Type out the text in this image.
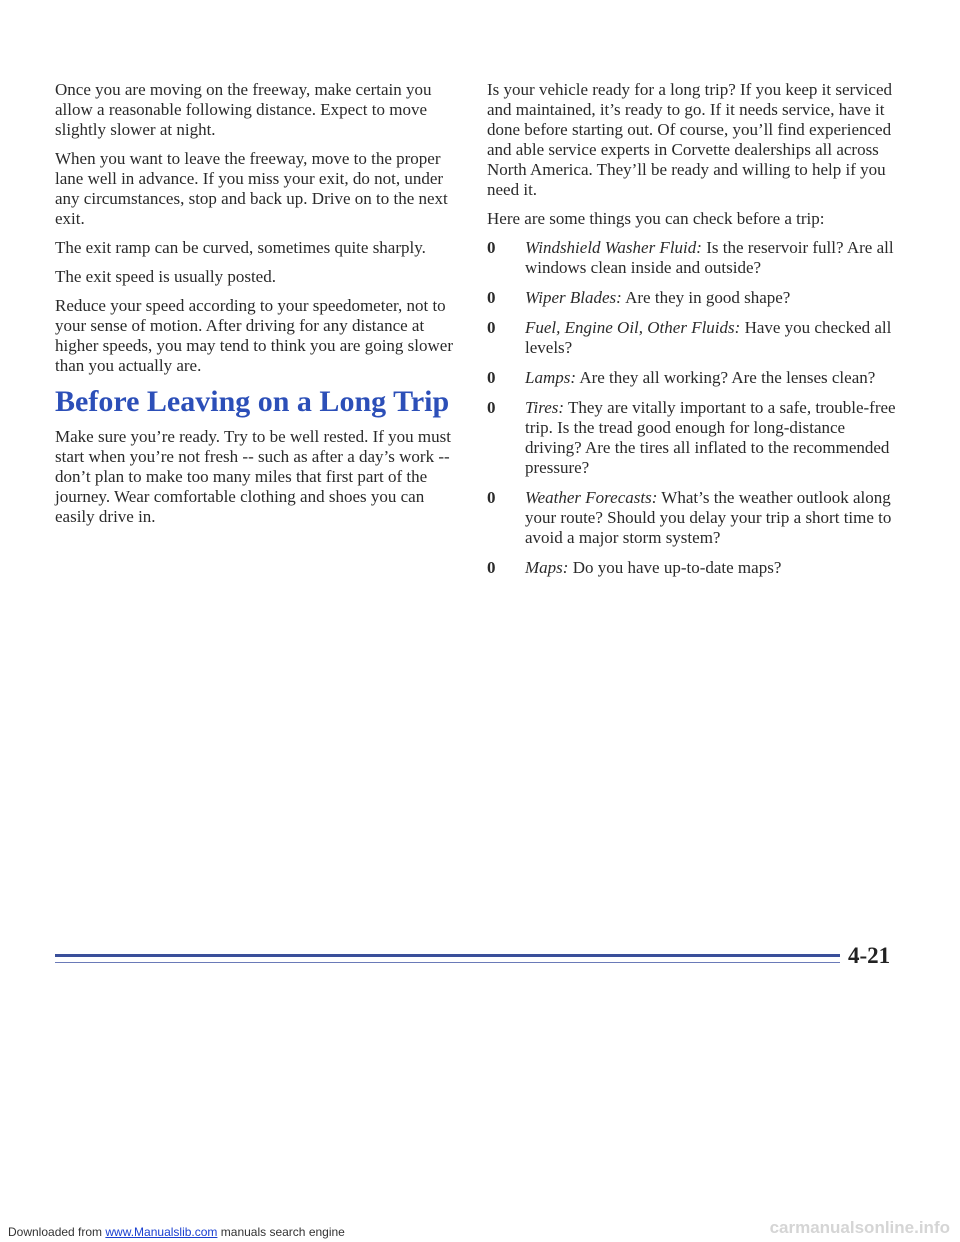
Once you are moving on the freeway, make certain you allow a reasonable following distance. Expect to move slightly slower at night.

When you want to leave the freeway, move to the proper lane well in advance. If you miss your exit, do not, under any circumstances, stop and back up. Drive on to the next exit.

The exit ramp can be curved, sometimes quite sharply.

The exit speed is usually posted.

Reduce your speed according to your speedometer, not to your sense of motion. After driving for any distance at higher speeds, you may tend to think you are going slower than you actually are.

Before Leaving on a Long Trip

Make sure you’re ready. Try to be well rested. If you must start when you’re not fresh -- such as after a day’s work -- don’t plan to make too many miles that first part of the journey. Wear comfortable clothing and shoes you can easily drive in.

Is your vehicle ready for a long trip? If you keep it serviced and maintained, it’s ready to go. If it needs service, have it done before starting out. Of course, you’ll find experienced and able service experts in Corvette dealerships all across North America. They’ll be ready and willing to help if you need it.

Here are some things you can check before a trip:

0	Windshield Washer Fluid: Is the reservoir full? Are all windows clean inside and outside?
0	Wiper Blades: Are they in good shape?
0	Fuel, Engine Oil, Other Fluids: Have you checked all levels?
0	Lamps: Are they all working? Are the lenses clean?
0	Tires: They are vitally important to a safe, trouble-free trip. Is the tread good enough for long-distance driving? Are the tires all inflated to the recommended pressure?
0	Weather Forecasts: What’s the weather outlook along your route? Should you delay your trip a short time to avoid a major storm system?
0	Maps: Do you have up-to-date maps?
4-21
Downloaded from www.Manualslib.com manuals search engine	carmanualsonline.info
